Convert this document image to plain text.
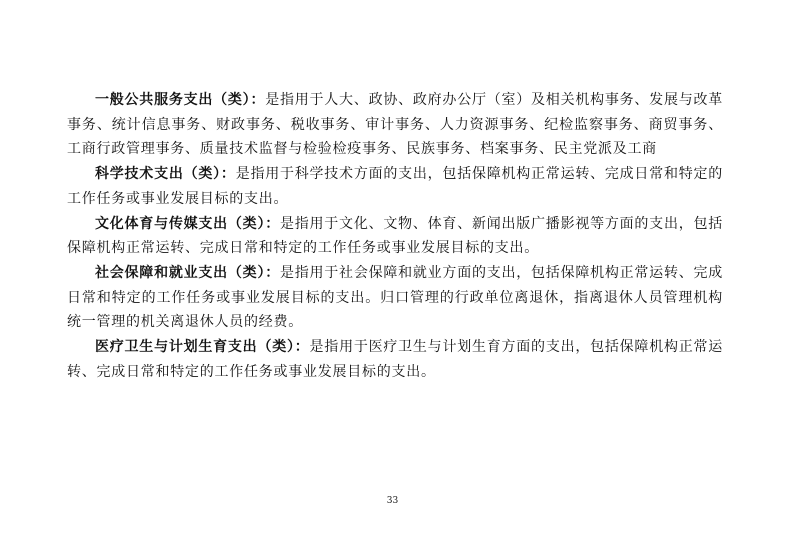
一般公共服务支出（类）：是指用于人大、政协、政府办公厅（室）及相关机构事务、发展与改革事务、统计信息事务、财政事务、税收事务、审计事务、人力资源事务、纪检监察事务、商贸事务、工商行政管理事务、质量技术监督与检验检疫事务、民族事务、档案事务、民主党派及工商

科学技术支出（类）：是指用于科学技术方面的支出，包括保障机构正常运转、完成日常和特定的工作任务或事业发展目标的支出。

文化体育与传媒支出（类）：是指用于文化、文物、体育、新闻出版广播影视等方面的支出，包括保障机构正常运转、完成日常和特定的工作任务或事业发展目标的支出。

社会保障和就业支出（类）：是指用于社会保障和就业方面的支出，包括保障机构正常运转、完成日常和特定的工作任务或事业发展目标的支出。归口管理的行政单位离退休，指离退休人员管理机构统一管理的机关离退休人员的经费。

医疗卫生与计划生育支出（类）：是指用于医疗卫生与计划生育方面的支出，包括保障机构正常运转、完成日常和特定的工作任务或事业发展目标的支出。

33
